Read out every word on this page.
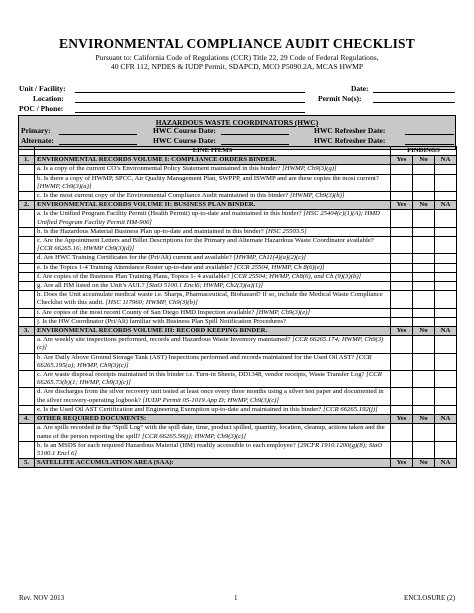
ENVIRONMENTAL COMPLIANCE AUDIT CHECKLIST
Pursuant to: California Code of Regulations (CCR) Title 22, 29 Code of Federal Regulations,
40 CFR 112, NPDES & IUDP Permit, SDAPCD, MCO P5090.2A, MCAS HWMP
Unit / Facility:	Date:
Location:	Permit No(s):
POC / Phone:
HAZARDOUS WASTE COORDINATORS (HWC)
Primary:	HWC Course Date:	HWC Refresher Date:
Alternate:	HWC Course Date:	HWC Refresher Date:
	LINE ITEMS	FINDINGS		
1.	ENVIRONMENTAL RECORDS VOLUME I: COMPLIANCE ORDERS BINDER.	Yes	No	NA
	a. Is a copy of the current CO’s Environmental Policy Statement maintained in this binder? [HWMP, Ch9(3)(g)]			
	b. Is there a copy of HWMP, SPCC, Air Quality Management Plan, SWPPP, and ISWMP and are these copies the most current? [HWMP, Ch9(3)(a)]			
	c. Is the most current copy of the Environmental Compliance Audit maintained in this binder? [HWMP, Ch9(3)(h)]			
2.	ENVIRONMENTAL RECORDS VOLUME II: BUSINESS PLAN BINDER.	Yes	No	NA
	a. Is the Unified Program Facility Permit (Health Permit) up-to-date and maintained in this binder? [HSC 25404(c)(1)(A); HMD Unified Program Facility Permit HM-906]			
	b. Is the Hazardous Material Business Plan up-to-date and maintained in this binder? [HSC 25503.5]			
	c. Are the Appointment Letters and Billet Descriptions for the Primary and Alternate Hazardous Waste Coordinator available? [CCR 66265.16; HWMP Ch9(3)(d)]			
	d. Are HWC Training Certificates for the (Pri/Alt) current and available? [HWMP, Ch11(4)(a)(2)(c)]			
	e. Is the Topics 1-4 Training Attendance Roster up-to-date and available? [CCR 25504, HWMP, Ch 8(6)(e)]			
	f. Are copies of the Business Plan Training Plans, Topics 1- 4 available? [CCR 25504; HWMP, Ch8(6), and Ch (9)(3)(b)]			
	g. Are all HM listed on the Unit’s AUL? [StaO 5100.1 Encl6; HWMP, Ch2(3)(a)(1)]			
	h. Does the Unit accumulate medical waste i.e. Sharps, Pharmaceutical, Biohazard? If so, include the Medical Waste Compliance Checklist with this audit. [HSC 117960; HWMP, Ch9(3)(b)]			
	i. Are copies of the most recent County of San Diego HMD Inspection available? [HWMP, Ch9(3)(e)]			
	j. Is the HW Coordinator (Pri/Alt) familiar with Business Plan Spill Notification Procedures?			
3.	ENVIRONMENTAL RECORDS VOLUME III: RECORD KEEPING BINDER.	Yes	No	NA
	a. Are weekly site inspections performed, records and Hazardous Waste Inventory maintained? [CCR 66265.174; HWMP, Ch9(3)(c)]			
	b. Are Daily Above Ground Storage Tank (AST) Inspections performed and records maintained for the Used Oil AST? [CCR 66265.195(a); HWMP, Ch9(3)(c)]			
	c. Are waste disposal receipts maintained in this binder i.e. Turn-in Sheets, DD1348, vendor receipts, Waste Transfer Log? [CCR 66265.73(b)(1; HWMP, Ch9(3)(c)]			
	d. Are discharges from the silver recovery unit tested at least once every three months using a silver test paper and documented in the silver recovery-operating logbook? [IUDP Permit 05-1019 App D; HWMP, Ch9(3)(c)]			
	e. Is the Used Oil AST Certification and Engineering Exemption up-to-date and maintained in this binder? [CCR 66265.192(j)]			
4.	OTHER REQUIRED DOCUMENTS:	Yes	No	NA
	a. Are spills recorded in the “Spill Log” with the spill date, time, product spilled, quantity, location, cleanup, actions taken and the name of the person reporting the spill? [CCR 66265.56(j); HWMP, Ch9(3)(c)]			
	b. Is an MSDS for each required Hazardous Material (HM) readily accessible to each employee? [29CFR 1910.1200(g)(8); StaO 5100.1 Encl 6]			
5.	SATELLITE ACCUMULATION AREA (SAA):	Yes	No	NA
Rev. NOV 2013	1	ENCLOSURE (2)
